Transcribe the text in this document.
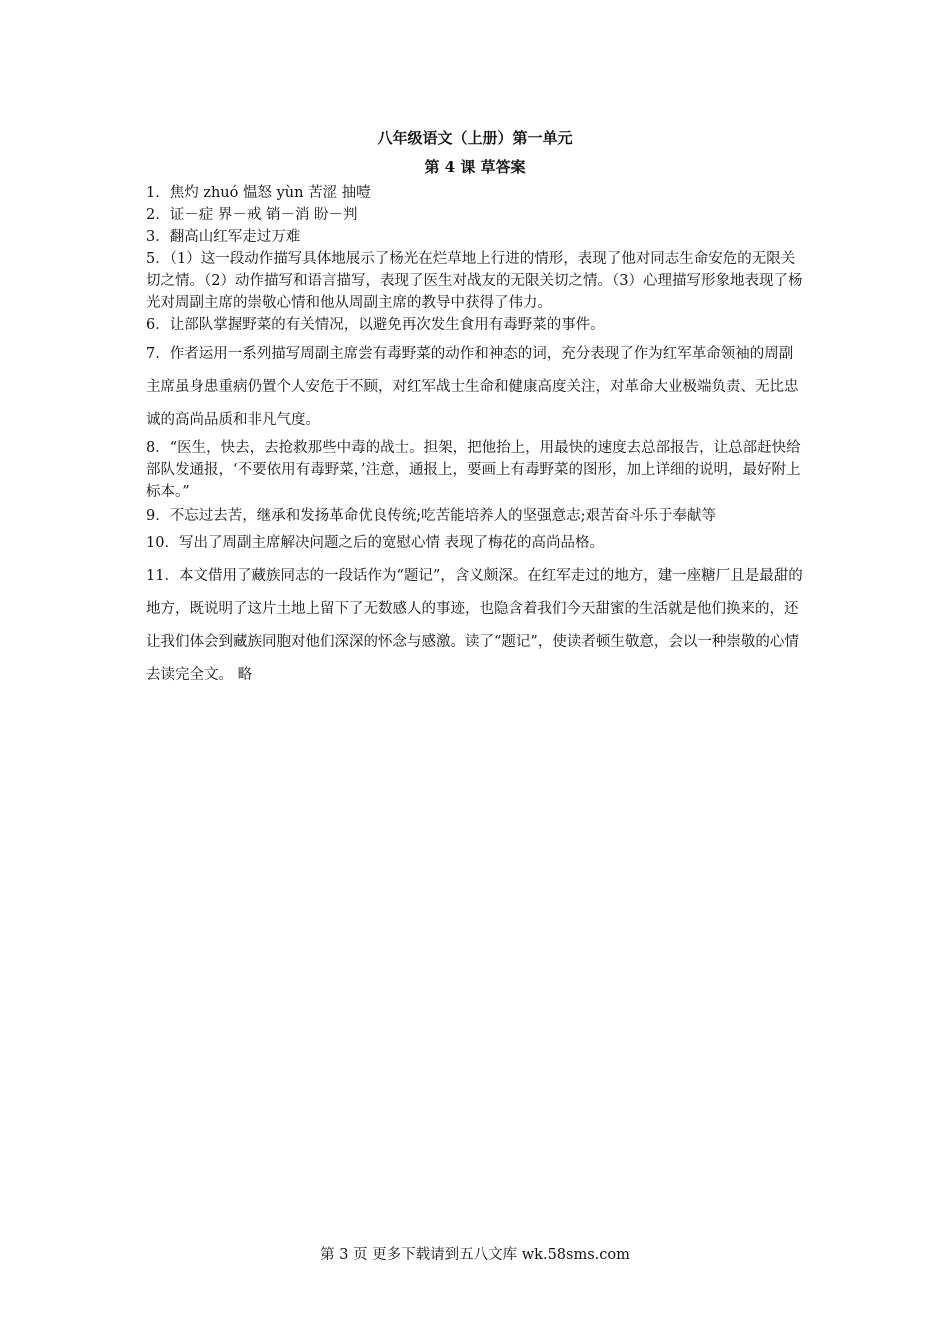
八年级语文（上册）第一单元
第 4 课 草答案

1．焦灼 zhuó 愠怒 yùn 苦涩 抽噎

2．证－症 界－戒 销－消 盼－判

3．翻高山红军走过万难

5．（1）这一段动作描写具体地展示了杨光在烂草地上行进的情形，表现了他对同志生命安危的无限关切之情。（2）动作描写和语言描写，表现了医生对战友的无限关切之情。（3）心理描写形象地表现了杨光对周副主席的崇敬心情和他从周副主席的教导中获得了伟力。

6．让部队掌握野菜的有关情况，以避免再次发生食用有毒野菜的事件。

7．作者运用一系列描写周副主席尝有毒野菜的动作和神态的词，充分表现了作为红军革命领袖的周副主席虽身患重病仍置个人安危于不顾，对红军战士生命和健康高度关注，对革命大业极端负责、无比忠诚的高尚品质和非凡气度。

8．“医生，快去，去抢救那些中毒的战士。担架，把他抬上，用最快的速度去总部报告，让总部赶快给部队发通报，‘不要依用有毒野菜，’注意，通报上，要画上有毒野菜的图形，加上详细的说明，最好附上标本。”

9．不忘过去苦，继承和发扬革命优良传统;吃苦能培养人的坚强意志;艰苦奋斗乐于奉献等

10．写出了周副主席解决问题之后的宽慰心情 表现了梅花的高尚品格。

11．本文借用了藏族同志的一段话作为“题记”，含义颇深。在红军走过的地方，建一座糖厂且是最甜的地方，既说明了这片土地上留下了无数感人的事迹，也隐含着我们今天甜蜜的生活就是他们换来的，还让我们体会到藏族同胞对他们深深的怀念与感激。读了“题记”，使读者顿生敬意，会以一种崇敬的心情去读完全文。 略

第 3 页 更多下载请到五八文库 wk.58sms.com
